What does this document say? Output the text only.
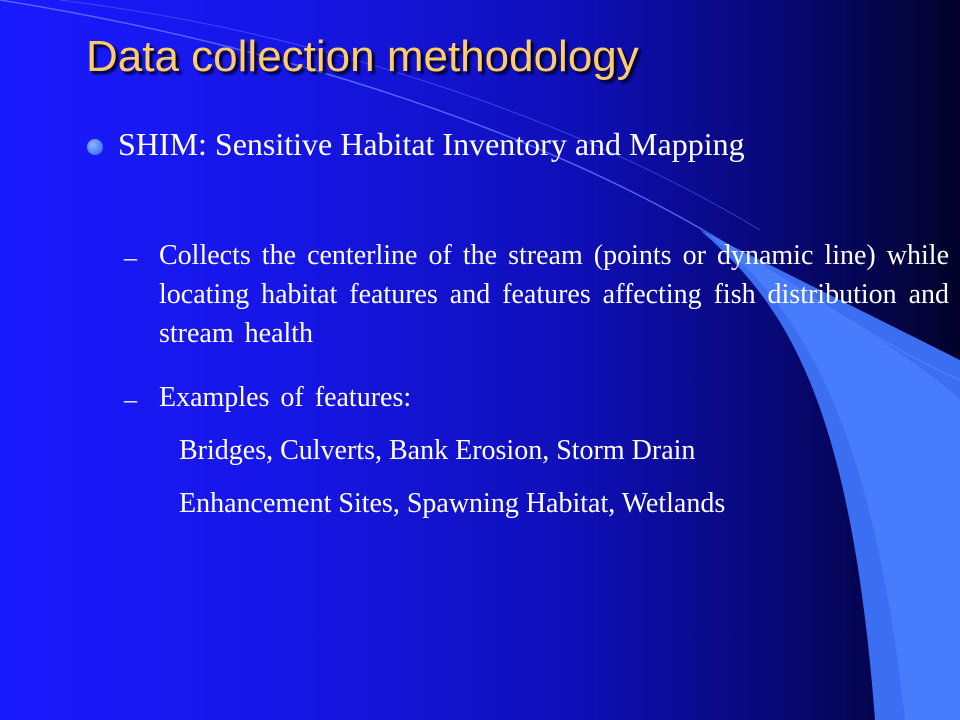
Data collection methodology
SHIM: Sensitive Habitat Inventory and Mapping
– Collects the centerline of the stream (points or dynamic line) while locating habitat features and features affecting fish distribution and stream health
– Examples of features:
Bridges, Culverts, Bank Erosion, Storm Drain
Enhancement Sites, Spawning Habitat, Wetlands
